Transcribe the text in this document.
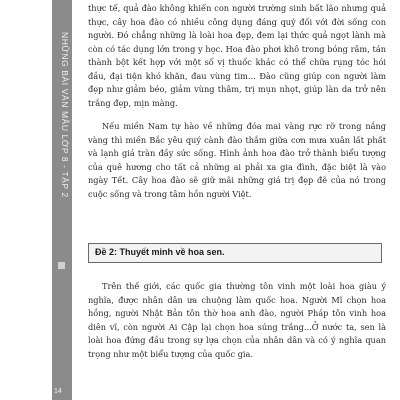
NHỮNG BÀI VĂN MẪU LỚP 8 - TẬP 2
14

thực tế, quả đào không khiến con người trường sinh bất lão nhưng quả thực, cây hoa đào có nhiều công dụng đáng quý đối với đời sống con người. Đó chẳng những là loài hoa đẹp, đem lại thức quả ngọt lành mà còn có tác dụng lớn trong y học. Hoa đào phơi khô trong bóng râm, tán thành bột kết hợp với một số vị thuốc khác có thể chữa rụng tóc hói đầu, đại tiện khó khăn, đau vùng tim... Đào cũng giúp con người làm đẹp như giảm béo, giảm vùng thâm, trị mụn nhọt, giúp làn da trở nên trắng đẹp, mịn màng.

Nếu miền Nam tự hào về những đóa mai vàng rực rỡ trong nắng vàng thì miền Bắc yêu quý cành đào thắm giữa cơn mưa xuân lất phất và lạnh giá tràn đầy sức sống. Hình ảnh hoa đào trở thành biểu tượng của quê hương cho tất cả những ai phải xa gia đình, đặc biệt là vào ngày Tết. Cây hoa đào sẽ giữ mãi những giá trị đẹp đẽ của nó trong cuộc sống và trong tâm hồn người Việt.

Đề 2: Thuyết minh về hoa sen.

Trên thế giới, các quốc gia thường tôn vinh một loài hoa giàu ý nghĩa, được nhân dân ưa chuộng làm quốc hoa. Người Mĩ chọn hoa hồng, người Nhật Bản tôn thờ hoa anh đào, người Pháp tôn vinh hoa diên vĩ, còn người Ai Cập lại chọn hoa súng trắng...Ở nước ta, sen là loài hoa đứng đầu trong sự lựa chọn của nhân dân và có ý nghĩa quan trọng như một biểu tượng của quốc gia.
